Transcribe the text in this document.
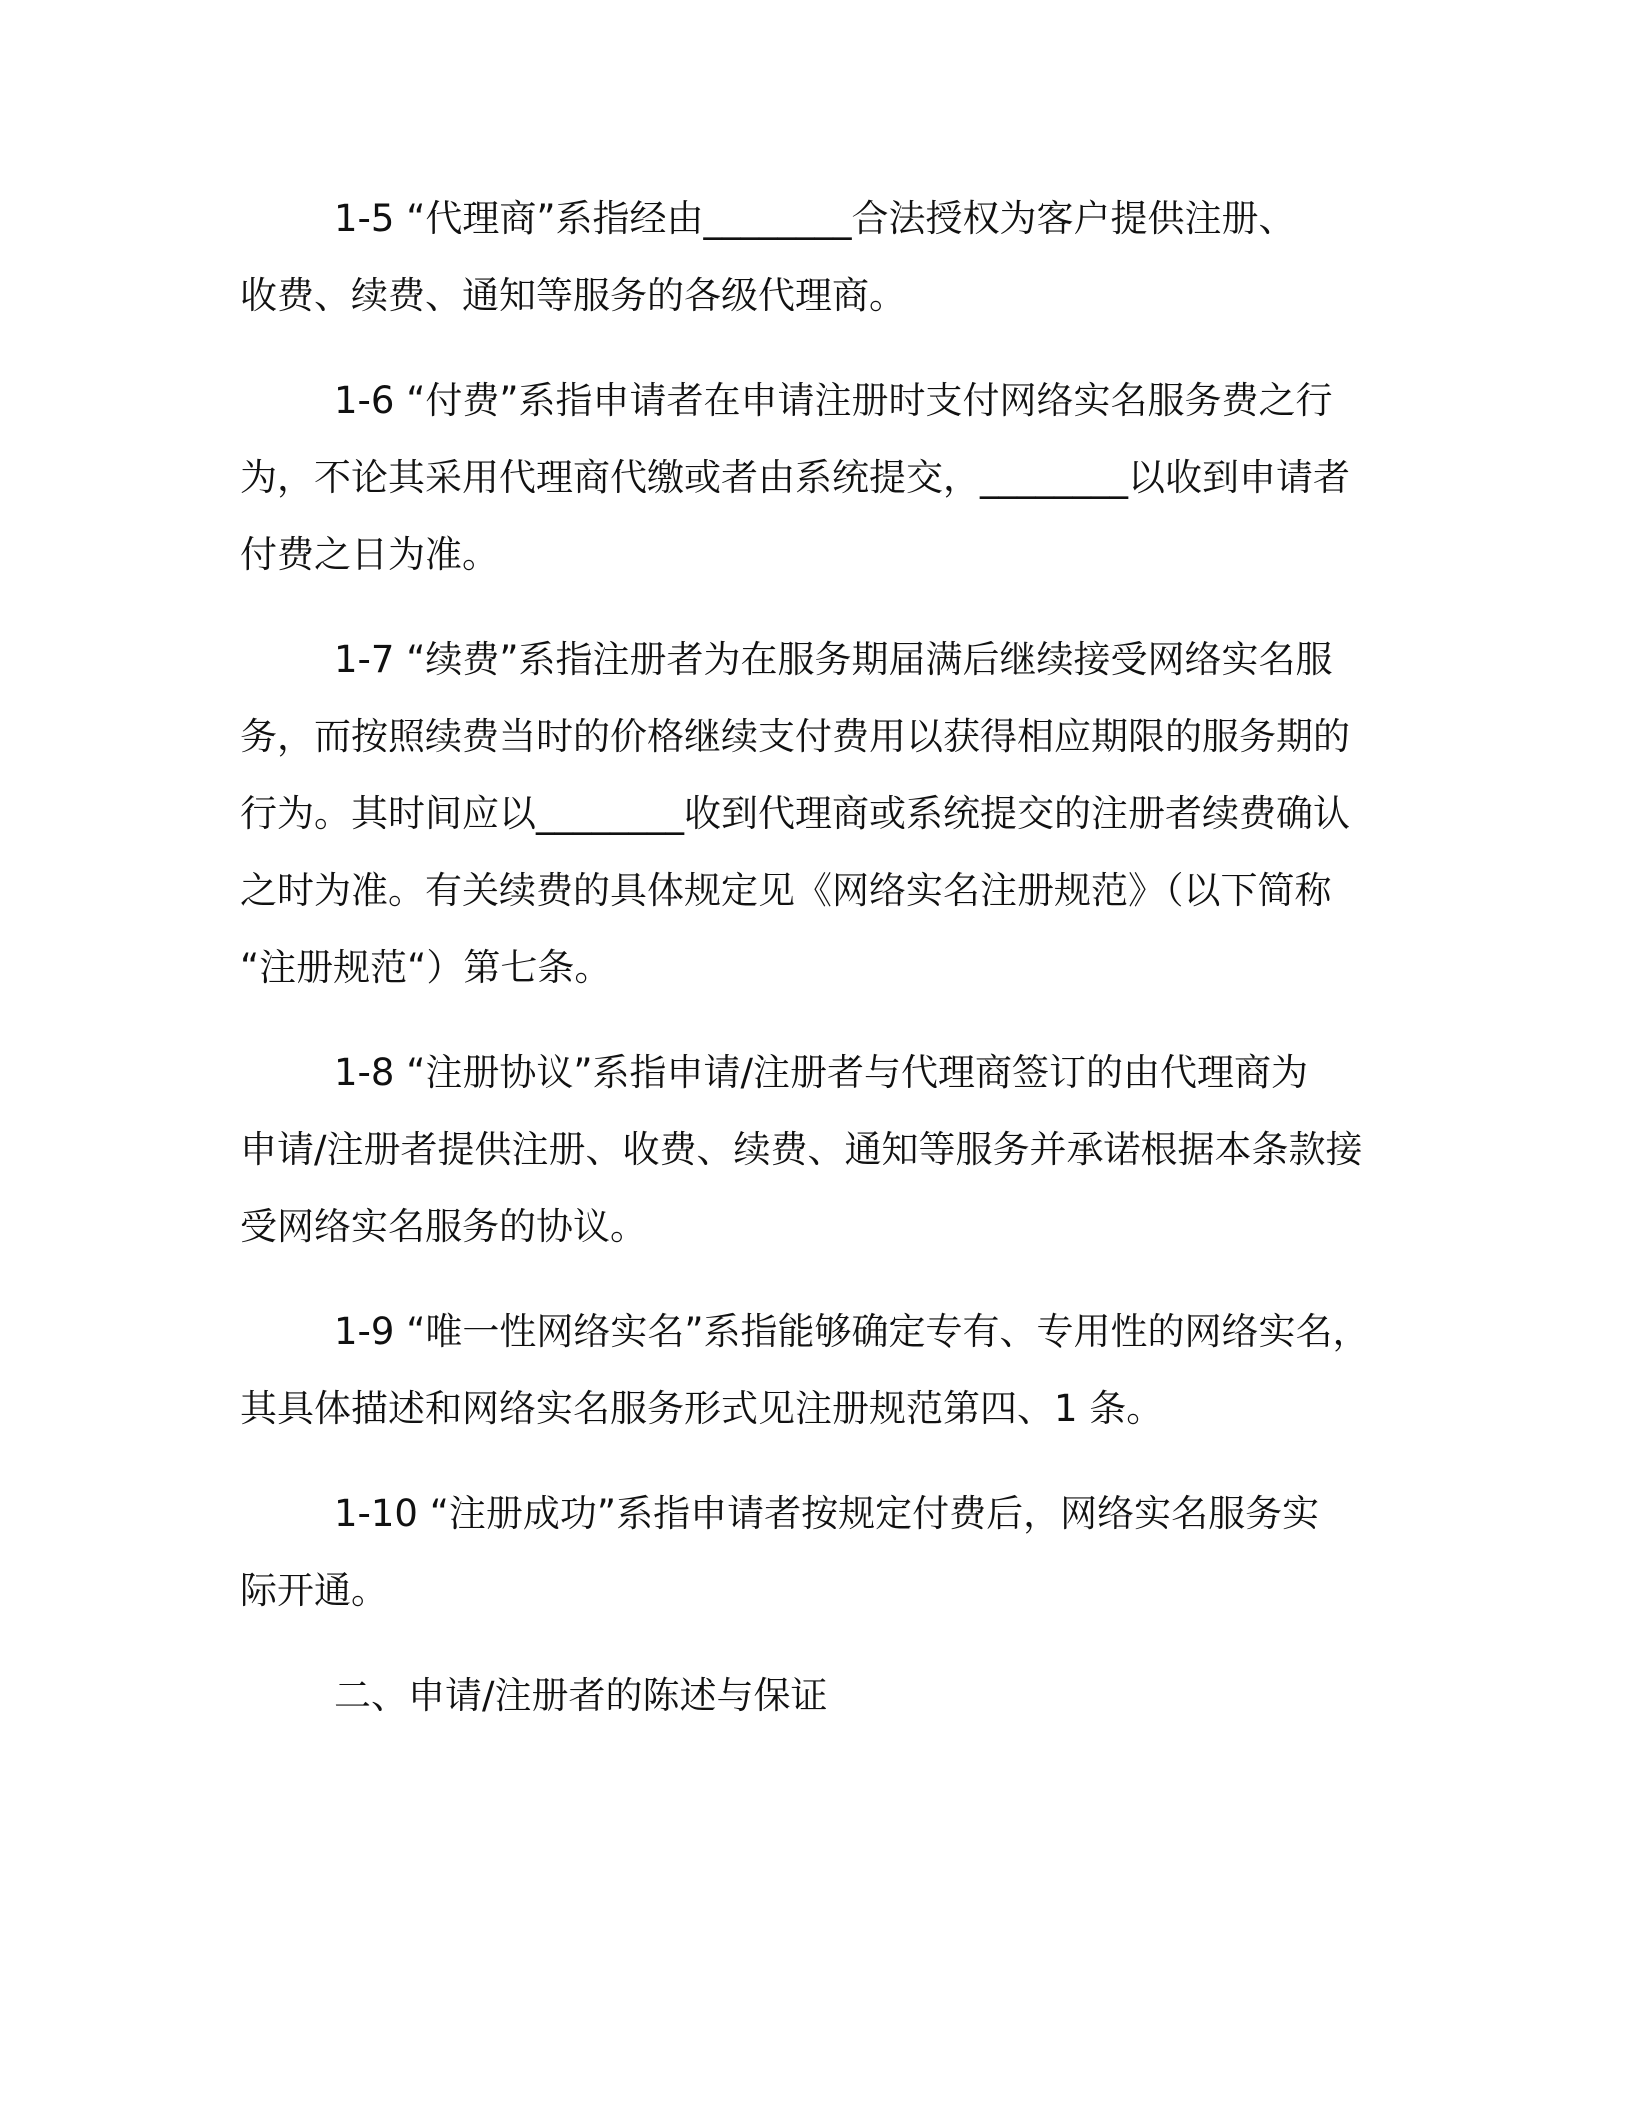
1-5 “代理商”系指经由________合法授权为客户提供注册、
收费、续费、通知等服务的各级代理商。
1-6 “付费”系指申请者在申请注册时支付网络实名服务费之行
为，不论其采用代理商代缴或者由系统提交，________以收到申请者
付费之日为准。
1-7 “续费”系指注册者为在服务期届满后继续接受网络实名服
务，而按照续费当时的价格继续支付费用以获得相应期限的服务期的
行为。其时间应以________收到代理商或系统提交的注册者续费确认
之时为准。有关续费的具体规定见《网络实名注册规范》（以下简称
“注册规范“）第七条。
1-8 “注册协议”系指申请/注册者与代理商签订的由代理商为
申请/注册者提供注册、收费、续费、通知等服务并承诺根据本条款接
受网络实名服务的协议。
1-9 “唯一性网络实名”系指能够确定专有、专用性的网络实名，
其具体描述和网络实名服务形式见注册规范第四、1 条。
1-10 “注册成功”系指申请者按规定付费后，网络实名服务实
际开通。
二、申请/注册者的陈述与保证
